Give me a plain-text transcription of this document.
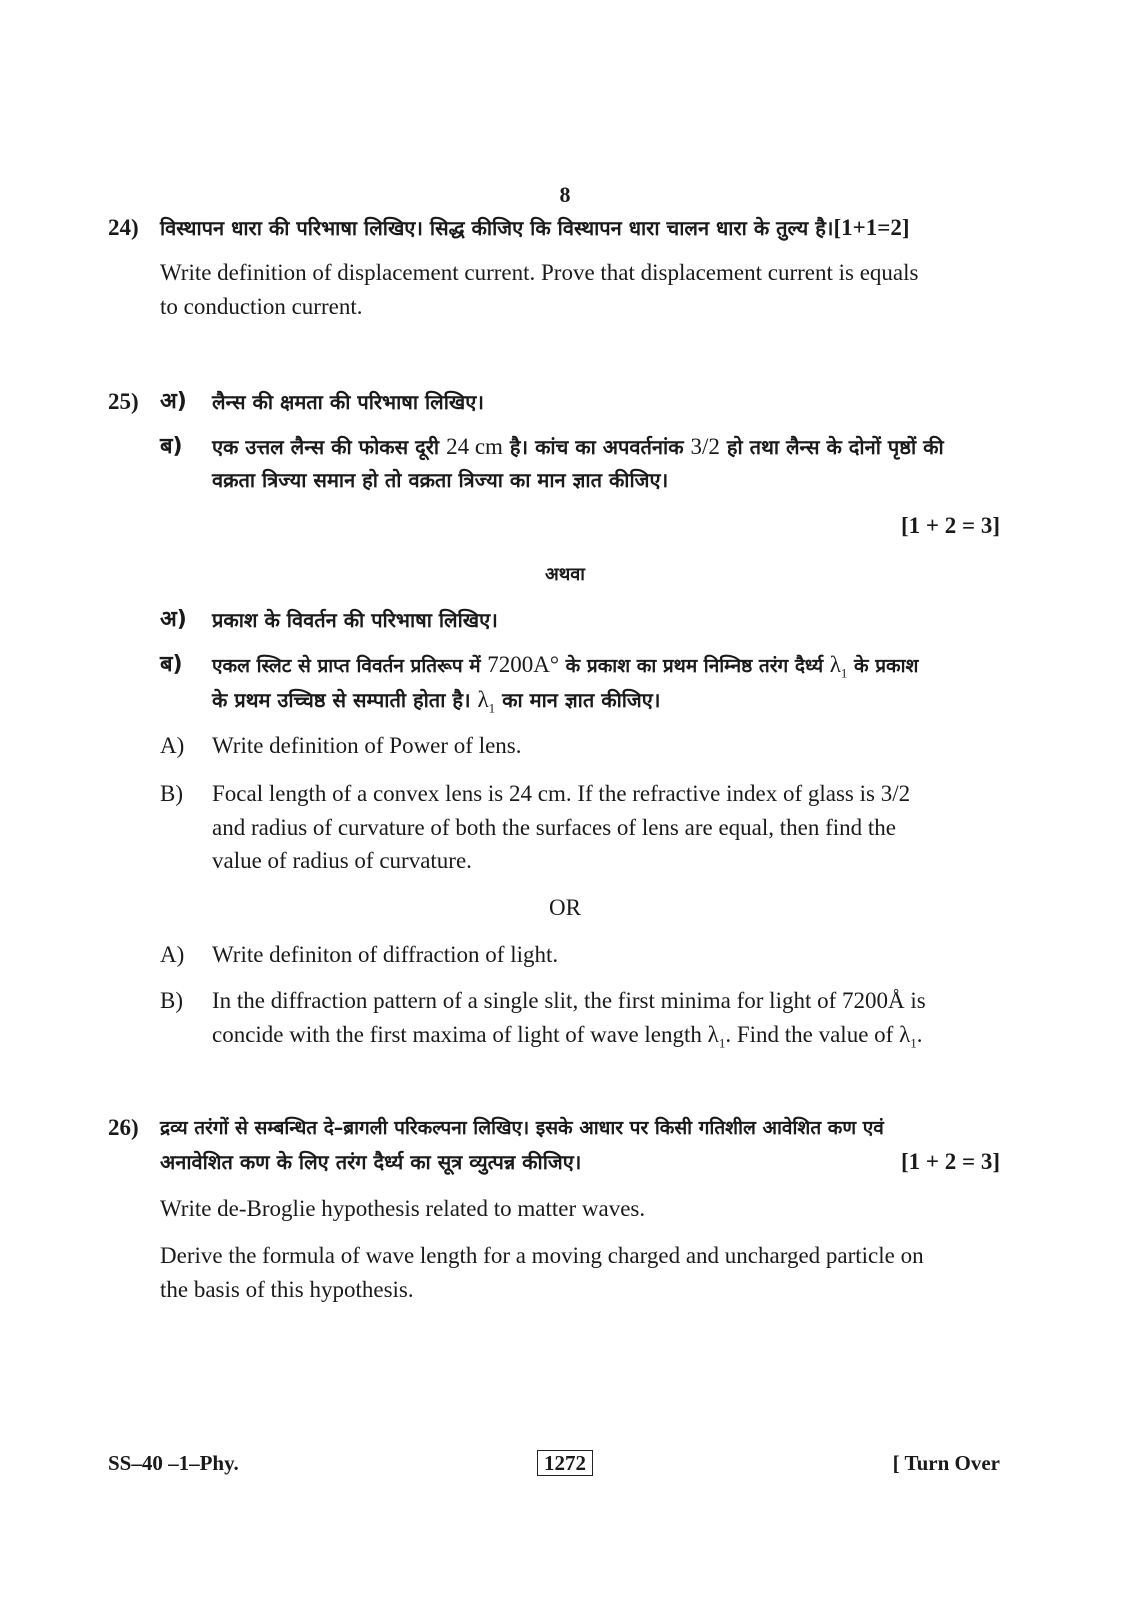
8
24) विस्थापन धारा की परिभाषा लिखिए। सिद्ध कीजिए कि विस्थापन धारा चालन धारा के तुल्य है।[1+1=2]
Write definition of displacement current. Prove that displacement current is equals
to conduction current.
25) अ) लैन्स की क्षमता की परिभाषा लिखिए।
ब) एक उत्तल लैन्स की फोकस दूरी 24 cm है। कांच का अपवर्तनांक 3/2 हो तथा लैन्स के दोनों पृष्ठों की
वक्रता त्रिज्या समान हो तो वक्रता त्रिज्या का मान ज्ञात कीजिए।
[1 + 2 = 3]
अथवा
अ) प्रकाश के विवर्तन की परिभाषा लिखिए।
ब) एकल स्लिट से प्राप्त विवर्तन प्रतिरूप में 7200A° के प्रकाश का प्रथम निम्निष्ठ तरंग दैर्ध्य $\lambda_1$ के प्रकाश
के प्रथम उच्चिष्ठ से सम्पाती होता है। $\lambda_1$ का मान ज्ञात कीजिए।
A) Write definition of Power of lens.
B) Focal length of a convex lens is 24 cm. If the refractive index of glass is 3/2
and radius of curvature of both the surfaces of lens are equal, then find the
value of radius of curvature.
OR
A) Write definiton of diffraction of light.
B) In the diffraction pattern of a single slit, the first minima for light of 7200Å is
concide with the first maxima of light of wave length $\lambda_1$. Find the value of $\lambda_1$.
26) द्रव्य तरंगों से सम्बन्धित दे–ब्रागली परिकल्पना लिखिए। इसके आधार पर किसी गतिशील आवेशित कण एवं
अनावेशित कण के लिए तरंग दैर्ध्य का सूत्र व्युत्पन्न कीजिए।	[1 + 2 = 3]
Write de-Broglie hypothesis related to matter waves.
Derive the formula of wave length for a moving charged and uncharged particle on
the basis of this hypothesis.
SS–40 –1–Phy.	1272	[ Turn Over
